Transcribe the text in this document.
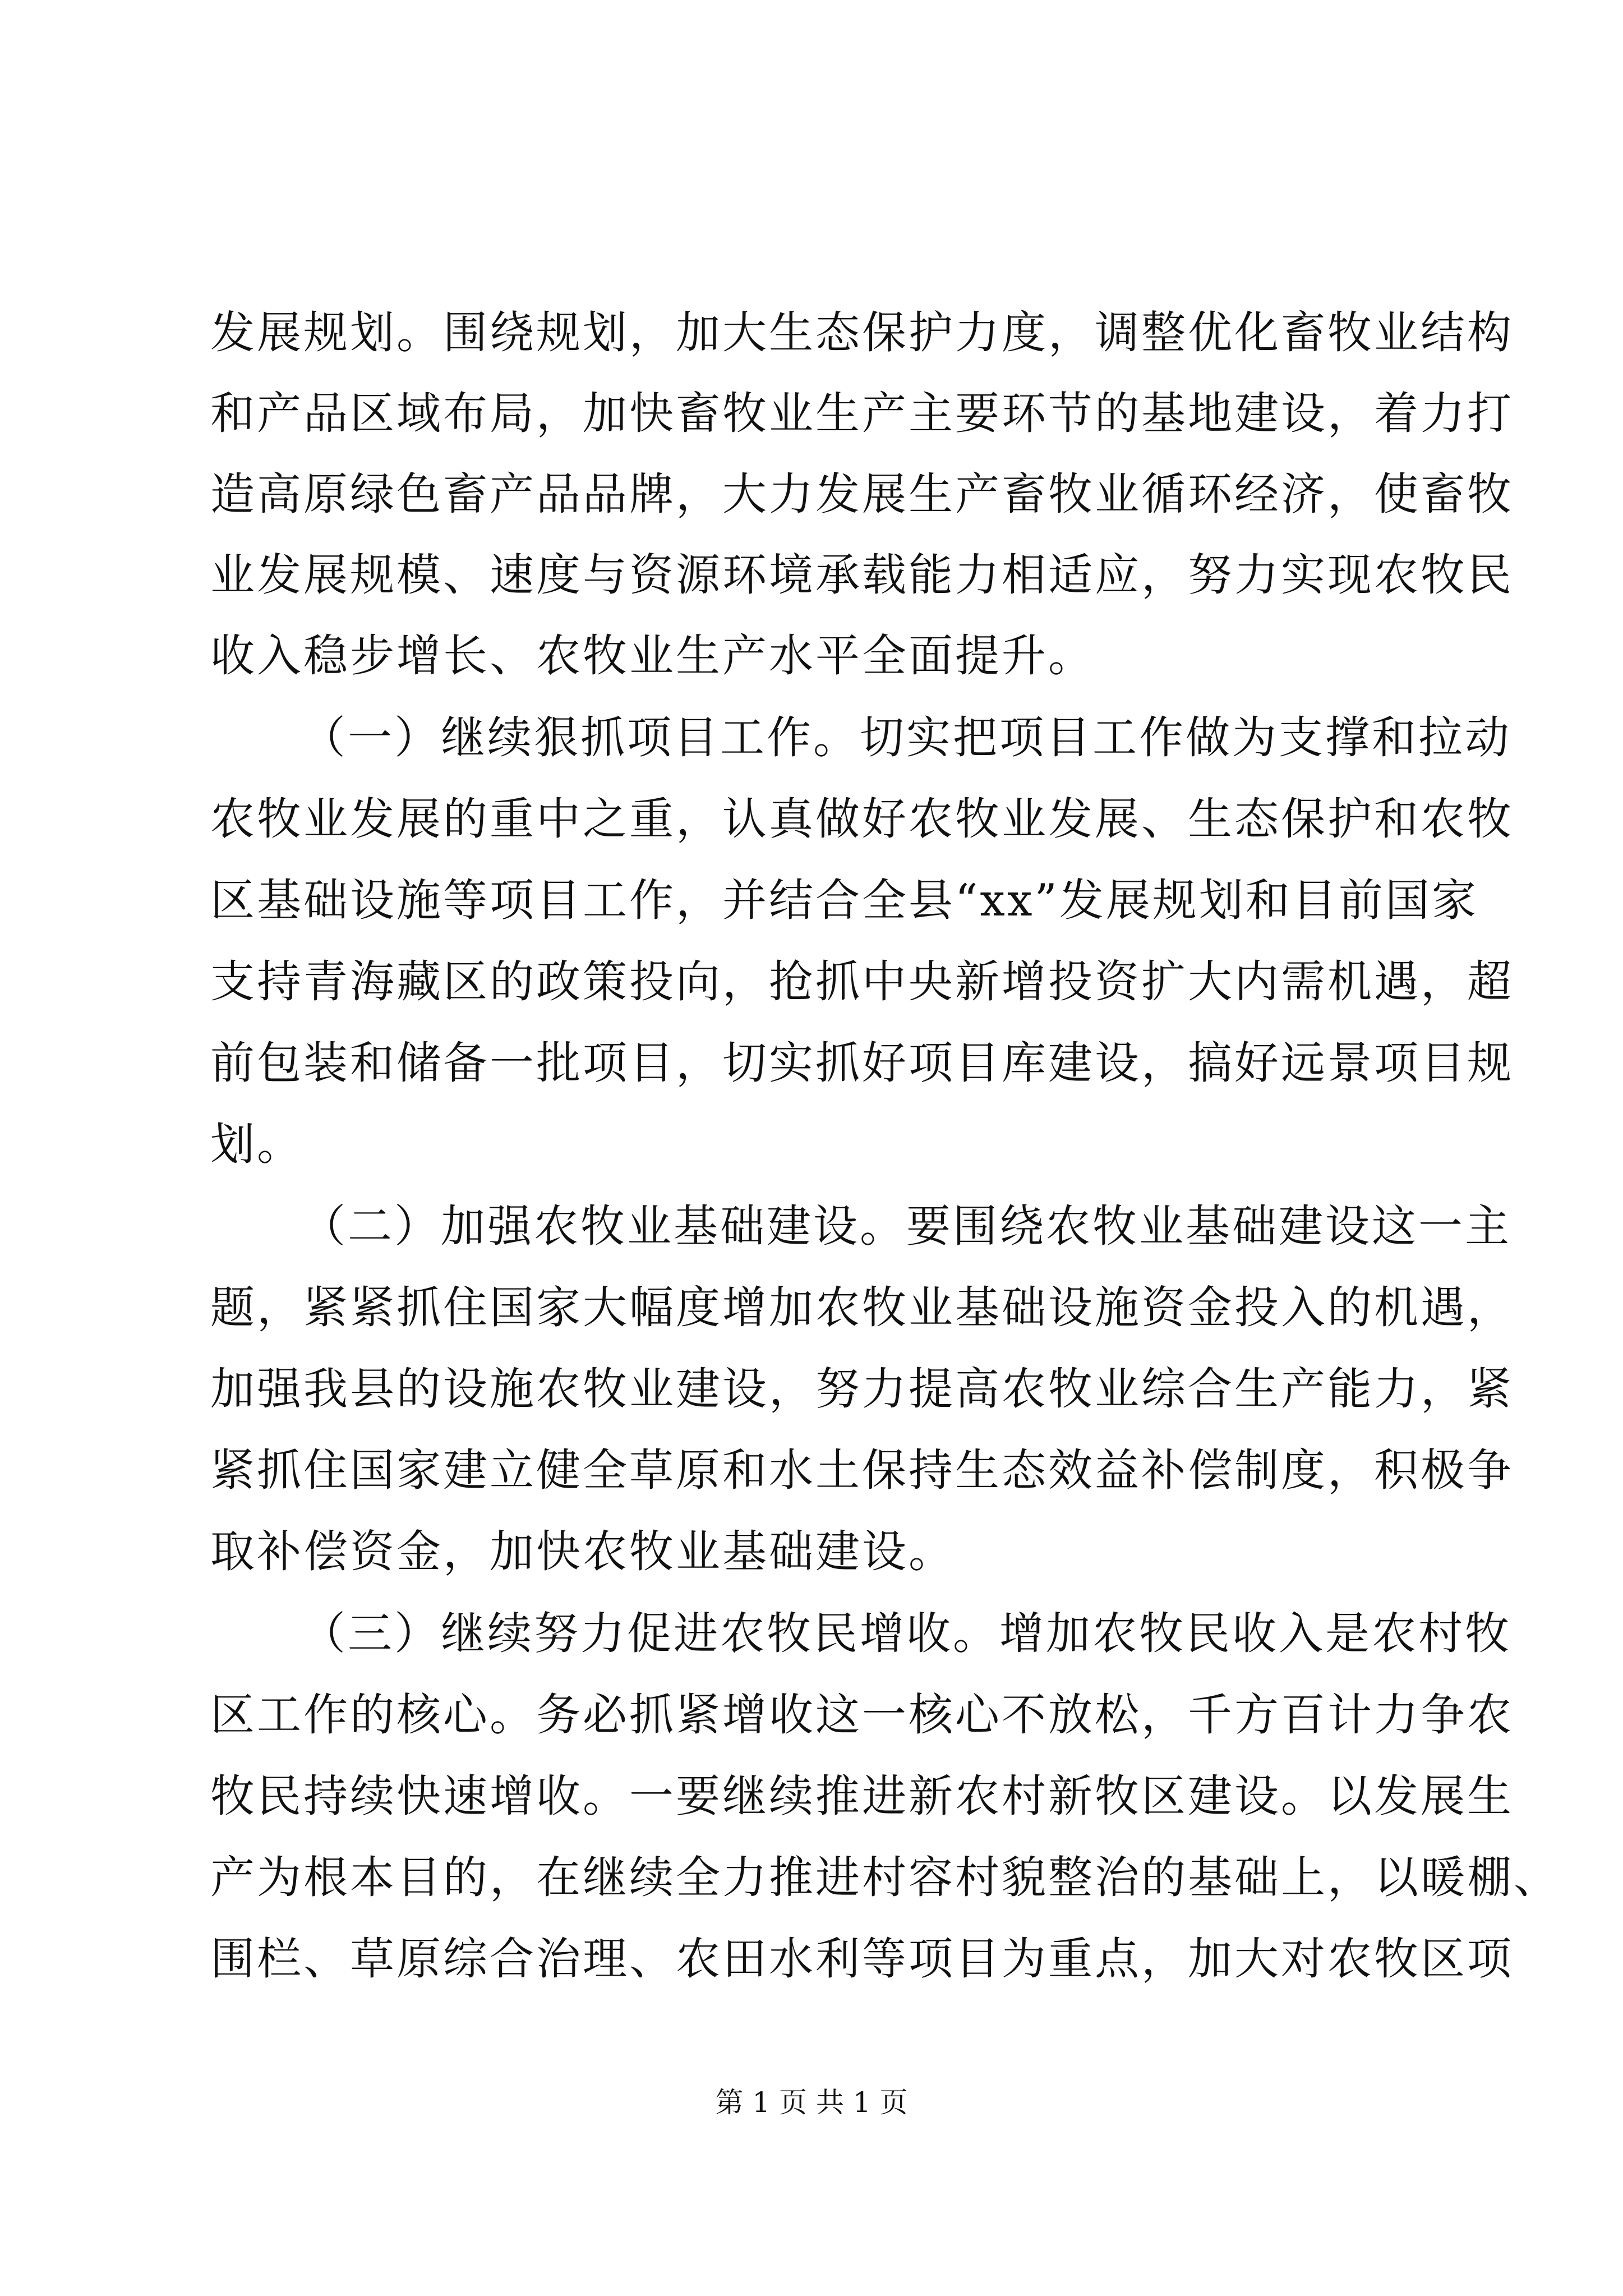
发展规划。围绕规划，加大生态保护力度，调整优化畜牧业结构
和产品区域布局，加快畜牧业生产主要环节的基地建设，着力打
造高原绿色畜产品品牌，大力发展生产畜牧业循环经济，使畜牧
业发展规模、速度与资源环境承载能力相适应，努力实现农牧民
收入稳步增长、农牧业生产水平全面提升。
（一）继续狠抓项目工作。切实把项目工作做为支撑和拉动
农牧业发展的重中之重，认真做好农牧业发展、生态保护和农牧
区基础设施等项目工作，并结合全县“xx”发展规划和目前国家
支持青海藏区的政策投向，抢抓中央新增投资扩大内需机遇，超
前包装和储备一批项目，切实抓好项目库建设，搞好远景项目规
划。
（二）加强农牧业基础建设。要围绕农牧业基础建设这一主
题，紧紧抓住国家大幅度增加农牧业基础设施资金投入的机遇，
加强我县的设施农牧业建设，努力提高农牧业综合生产能力，紧
紧抓住国家建立健全草原和水土保持生态效益补偿制度，积极争
取补偿资金，加快农牧业基础建设。
（三）继续努力促进农牧民增收。增加农牧民收入是农村牧
区工作的核心。务必抓紧增收这一核心不放松，千方百计力争农
牧民持续快速增收。一要继续推进新农村新牧区建设。以发展生
产为根本目的，在继续全力推进村容村貌整治的基础上，以暖棚、
围栏、草原综合治理、农田水利等项目为重点，加大对农牧区项
第 1 页 共 1 页
